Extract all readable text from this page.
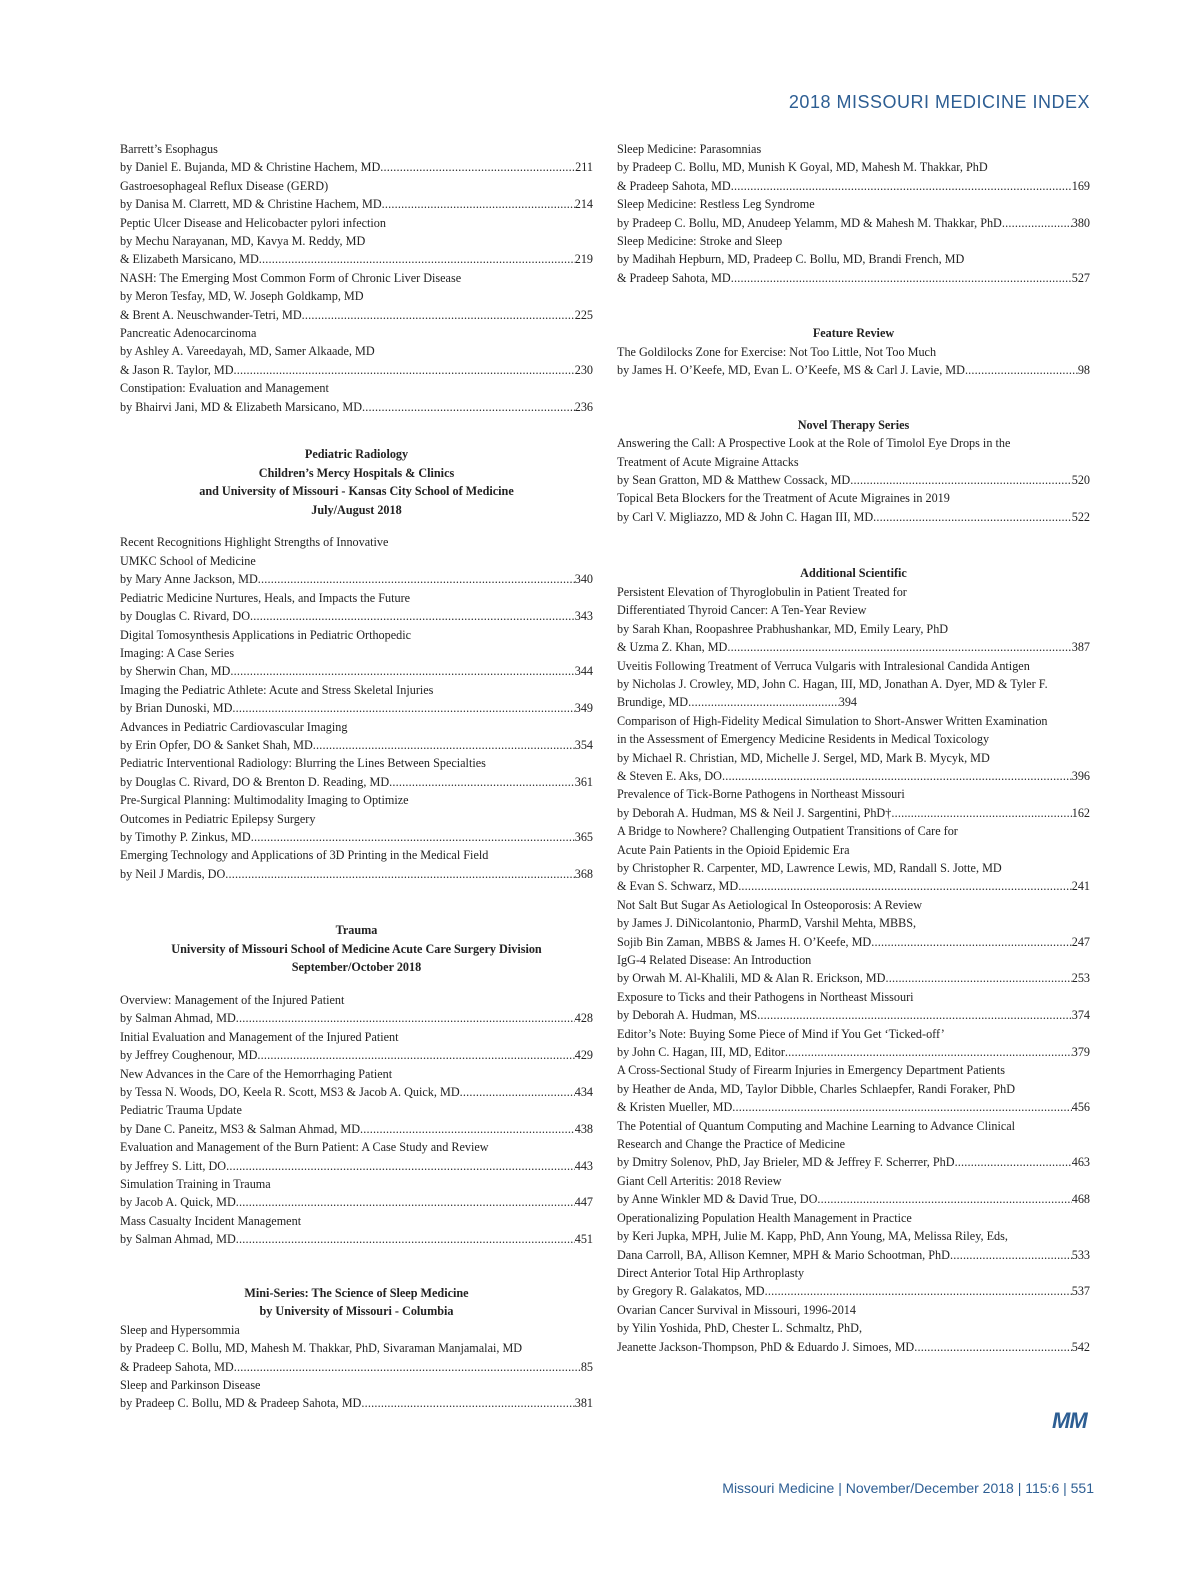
2018 MISSOURI MEDICINE INDEX
Barrett’s Esophagus
by Daniel E. Bujanda, MD & Christine Hachem, MD .....	211
Gastroesophageal Reflux Disease (GERD)
by Danisa M. Clarrett, MD & Christine Hachem, MD .....	214
Peptic Ulcer Disease and Helicobacter pylori infection
by Mechu Narayanan, MD, Kavya M. Reddy, MD
& Elizabeth Marsicano, MD .....	219
NASH: The Emerging Most Common Form of Chronic Liver Disease
by Meron Tesfay, MD, W. Joseph Goldkamp, MD
& Brent A. Neuschwander-Tetri, MD .....	225
Pancreatic Adenocarcinoma
by Ashley A. Vareedayah, MD, Samer Alkaade, MD
& Jason R. Taylor, MD .....	230
Constipation: Evaluation and Management
by Bhairvi Jani, MD & Elizabeth Marsicano, MD .....	236
Pediatric Radiology
Children’s Mercy Hospitals & Clinics
and University of Missouri - Kansas City School of Medicine
July/August 2018
Recent Recognitions Highlight Strengths of Innovative
UMKC School of Medicine
by Mary Anne Jackson, MD .....	340
Pediatric Medicine Nurtures, Heals, and Impacts the Future
by Douglas C. Rivard, DO .....	343
Digital Tomosynthesis Applications in Pediatric Orthopedic
Imaging: A Case Series
by Sherwin Chan, MD .....	344
Imaging the Pediatric Athlete: Acute and Stress Skeletal Injuries
by Brian Dunoski, MD .....	349
Advances in Pediatric Cardiovascular Imaging
by Erin Opfer, DO & Sanket Shah, MD .....	354
Pediatric Interventional Radiology: Blurring the Lines Between Specialties
by Douglas C. Rivard, DO & Brenton D. Reading, MD .....	361
Pre-Surgical Planning: Multimodality Imaging to Optimize
Outcomes in Pediatric Epilepsy Surgery
by Timothy P. Zinkus, MD .....	365
Emerging Technology and Applications of 3D Printing in the Medical Field
by Neil J Mardis, DO .....	368
Trauma
University of Missouri School of Medicine Acute Care Surgery Division
September/October 2018
Overview: Management of the Injured Patient
by Salman Ahmad, MD .....	428
Initial Evaluation and Management of the Injured Patient
by Jeffrey Coughenour, MD .....	429
New Advances in the Care of the Hemorrhaging Patient
by Tessa N. Woods, DO, Keela R. Scott, MS3 & Jacob A. Quick, MD .....	434
Pediatric Trauma Update
by Dane C. Paneitz, MS3 & Salman Ahmad, MD .....	438
Evaluation and Management of the Burn Patient: A Case Study and Review
by Jeffrey S. Litt, DO .....	443
Simulation Training in Trauma
by Jacob A. Quick, MD .....	447
Mass Casualty Incident Management
by Salman Ahmad, MD .....	451
Mini-Series: The Science of Sleep Medicine
by University of Missouri - Columbia
Sleep and Hypersommia
by Pradeep C. Bollu, MD, Mahesh M. Thakkar, PhD, Sivaraman Manjamalai, MD
& Pradeep Sahota, MD .....	85
Sleep and Parkinson Disease
by Pradeep C. Bollu, MD & Pradeep Sahota, MD .....	381
Sleep Medicine: Parasomnias
by Pradeep C. Bollu, MD, Munish K Goyal, MD, Mahesh M. Thakkar, PhD
& Pradeep Sahota, MD .....	169
Sleep Medicine: Restless Leg Syndrome
by Pradeep C. Bollu, MD, Anudeep Yelamm, MD & Mahesh M. Thakkar, PhD .....	380
Sleep Medicine: Stroke and Sleep
by Madihah Hepburn, MD, Pradeep C. Bollu, MD, Brandi French, MD
& Pradeep Sahota, MD .....	527
Feature Review
The Goldilocks Zone for Exercise: Not Too Little, Not Too Much
by James H. O’Keefe, MD, Evan L. O’Keefe, MS & Carl J. Lavie, MD .....	98
Novel Therapy Series
Answering the Call: A Prospective Look at the Role of Timolol Eye Drops in the
Treatment of Acute Migraine Attacks
by Sean Gratton, MD & Matthew Cossack, MD .....	520
Topical Beta Blockers for the Treatment of Acute Migraines in 2019
by Carl V. Migliazzo, MD & John C. Hagan III, MD .....	522
Additional Scientific
Persistent Elevation of Thyroglobulin in Patient Treated for
Differentiated Thyroid Cancer: A Ten-Year Review
by Sarah Khan, Roopashree Prabhushankar, MD, Emily Leary, PhD
& Uzma Z. Khan, MD .....	387
Uveitis Following Treatment of Verruca Vulgaris with Intralesional Candida Antigen
by Nicholas J. Crowley, MD, John C. Hagan, III, MD, Jonathan A. Dyer, MD & Tyler F.
Brundige, MD .....	394
Comparison of High-Fidelity Medical Simulation to Short-Answer Written Examination
in the Assessment of Emergency Medicine Residents in Medical Toxicology
by Michael R. Christian, MD, Michelle J. Sergel, MD, Mark B. Mycyk, MD
& Steven E. Aks, DO .....	396
Prevalence of Tick-Borne Pathogens in Northeast Missouri
by Deborah A. Hudman, MS & Neil J. Sargentini, PhD† .....	162
A Bridge to Nowhere? Challenging Outpatient Transitions of Care for
Acute Pain Patients in the Opioid Epidemic Era
by Christopher R. Carpenter, MD, Lawrence Lewis, MD, Randall S. Jotte, MD
& Evan S. Schwarz, MD .....	241
Not Salt But Sugar As Aetiological In Osteoporosis: A Review
by James J. DiNicolantonio, PharmD, Varshil Mehta, MBBS,
Sojib Bin Zaman, MBBS & James H. O’Keefe, MD .....	247
IgG-4 Related Disease: An Introduction
by Orwah M. Al-Khalili, MD & Alan R. Erickson, MD .....	253
Exposure to Ticks and their Pathogens in Northeast Missouri
by Deborah A. Hudman, MS .....	374
Editor’s Note: Buying Some Piece of Mind if You Get ‘Ticked-off’
by John C. Hagan, III, MD, Editor .....	379
A Cross-Sectional Study of Firearm Injuries in Emergency Department Patients
by Heather de Anda, MD, Taylor Dibble, Charles Schlaepfer, Randi Foraker, PhD
& Kristen Mueller, MD .....	456
The Potential of Quantum Computing and Machine Learning to Advance Clinical
Research and Change the Practice of Medicine
by Dmitry Solenov, PhD, Jay Brieler, MD & Jeffrey F. Scherrer, PhD .....	463
Giant Cell Arteritis: 2018 Review
by Anne Winkler MD & David True, DO .....	468
Operationalizing Population Health Management in Practice
by Keri Jupka, MPH, Julie M. Kapp, PhD, Ann Young, MA, Melissa Riley, Eds,
Dana Carroll, BA, Allison Kemner, MPH & Mario Schootman, PhD .....	533
Direct Anterior Total Hip Arthroplasty
by Gregory R. Galakatos, MD .....	537
Ovarian Cancer Survival in Missouri, 1996-2014
by Yilin Yoshida, PhD, Chester L. Schmaltz, PhD,
Jeanette Jackson-Thompson, PhD & Eduardo J. Simoes, MD .....	542
MM
Missouri Medicine | November/December 2018 | 115:6 | 551
